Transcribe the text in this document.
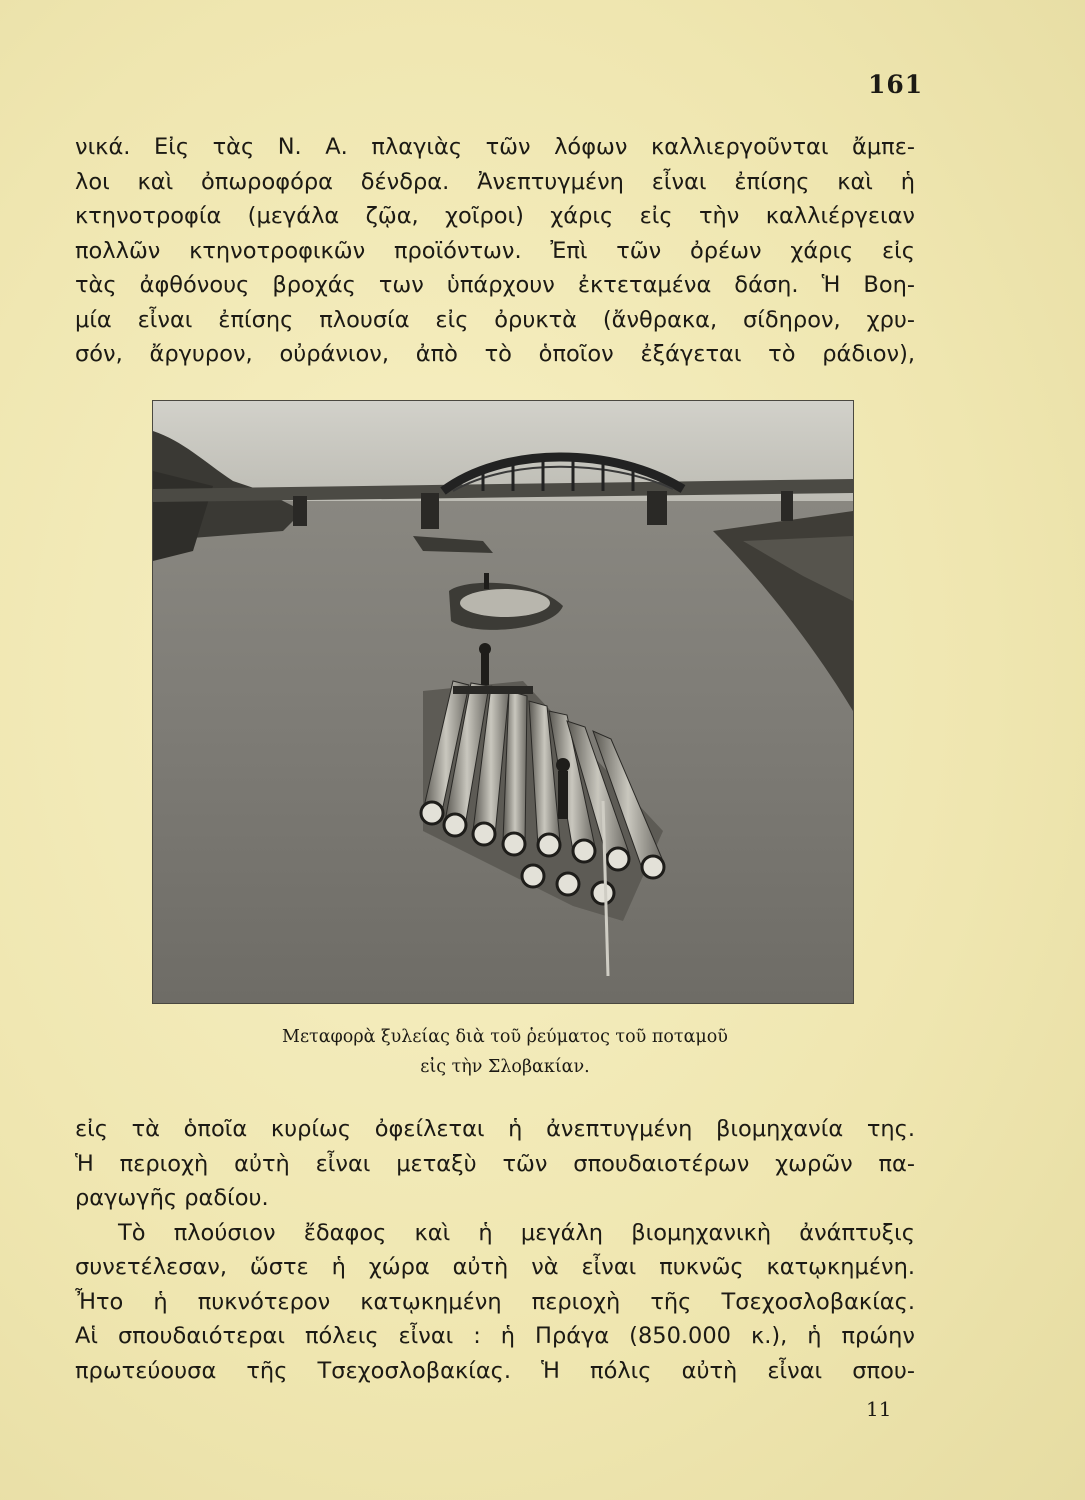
161
νικά. Εἰς τὰς Ν. Α. πλαγιὰς τῶν λόφων καλλιεργοῦνται ἄμπε-
λοι καὶ ὀπωροφόρα δένδρα. Ἀνεπτυγμένη εἶναι ἐπίσης καὶ ἡ
κτηνοτροφία (μεγάλα ζῷα, χοῖροι) χάρις εἰς τὴν καλλιέργειαν
πολλῶν κτηνοτροφικῶν προϊόντων. Ἐπὶ τῶν ὀρέων χάρις εἰς
τὰς ἀφθόνους βροχάς των ὑπάρχουν ἐκτεταμένα δάση. Ἡ Βοη-
μία εἶναι ἐπίσης πλουσία εἰς ὀρυκτὰ (ἄνθρακα, σίδηρον, χρυ-
σόν, ἄργυρον, οὐράνιον, ἀπὸ τὸ ὁποῖον ἐξάγεται τὸ ράδιον),
Μεταφορὰ ξυλείας διὰ τοῦ ῥεύματος τοῦ ποταμοῦ
εἰς τὴν Σλοβακίαν.
εἰς τὰ ὁποῖα κυρίως ὀφείλεται ἡ ἀνεπτυγμένη βιομηχανία της.
Ἡ περιοχὴ αὐτὴ εἶναι μεταξὺ τῶν σπουδαιοτέρων χωρῶν πα-
ραγωγῆς ραδίου.
Τὸ πλούσιον ἔδαφος καὶ ἡ μεγάλη βιομηχανικὴ ἀνάπτυξις
συνετέλεσαν, ὥστε ἡ χώρα αὐτὴ νὰ εἶναι πυκνῶς κατῳκημένη.
Ἦτο ἡ πυκνότερον κατῳκημένη περιοχὴ τῆς Τσεχοσλοβακίας.
Αἱ σπουδαιότεραι πόλεις εἶναι : ἡ Πράγα (850.000 κ.), ἡ πρώην
πρωτεύουσα τῆς Τσεχοσλοβακίας. Ἡ πόλις αὐτὴ εἶναι σπου-
11
